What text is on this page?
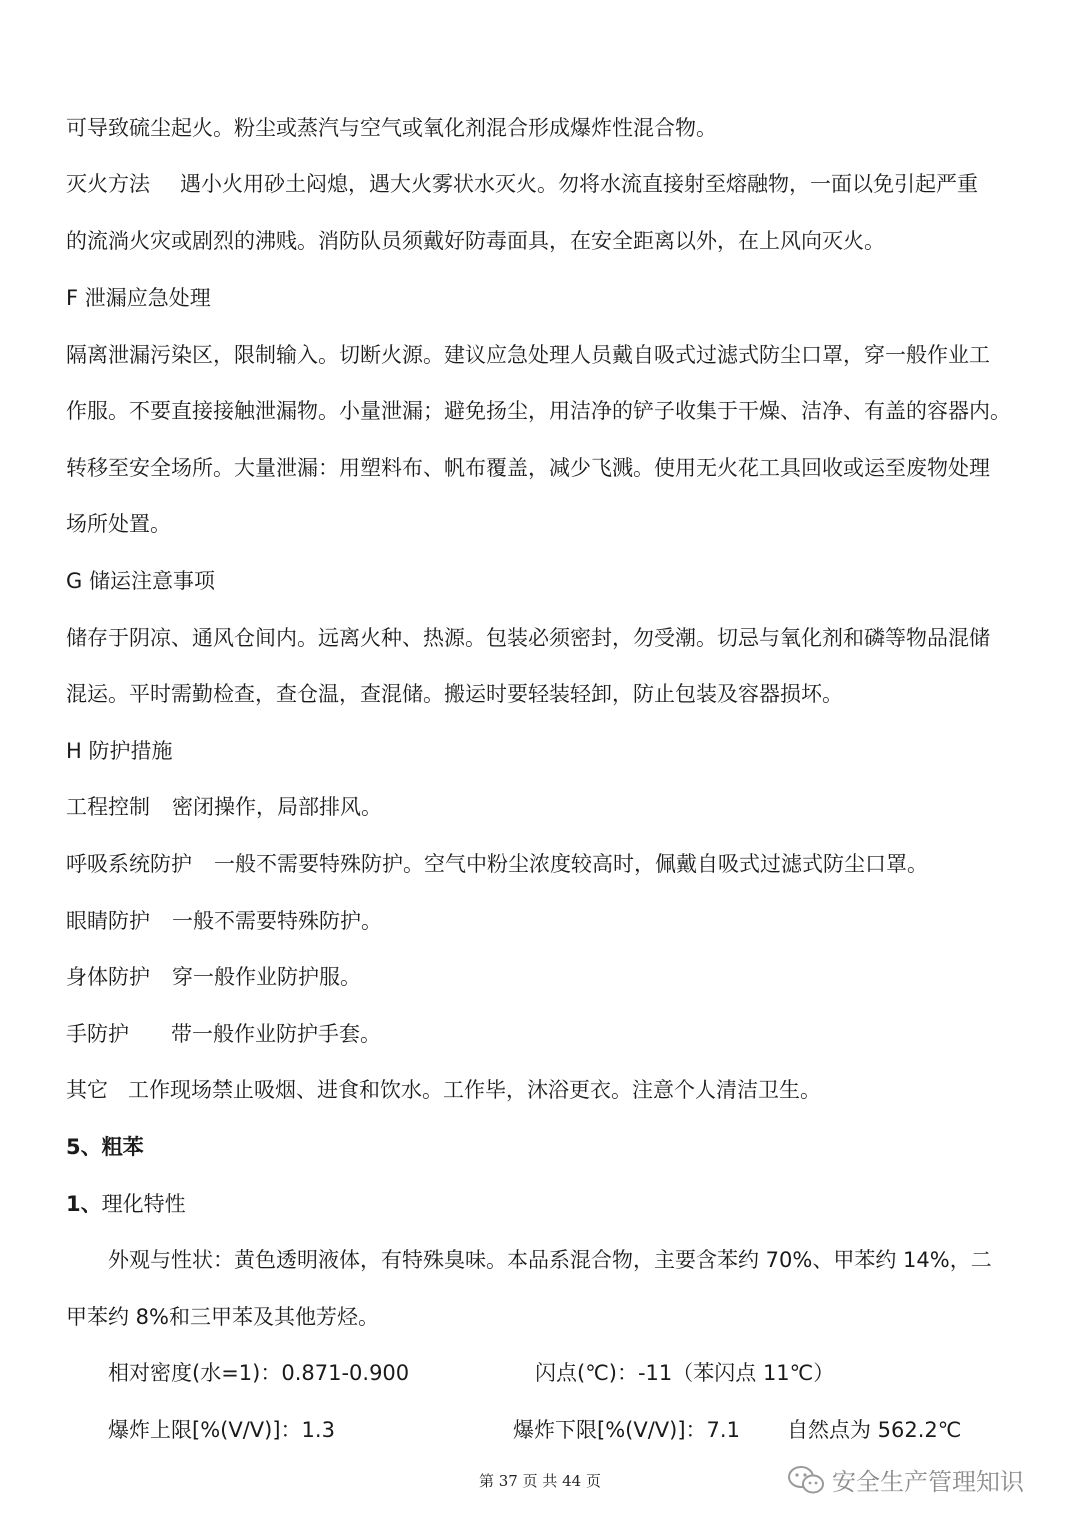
可导致硫尘起火。粉尘或蒸汽与空气或氧化剂混合形成爆炸性混合物。
灭火方法 遇小火用砂土闷熄，遇大火雾状水灭火。勿将水流直接射至熔融物，一面以免引起严重
的流淌火灾或剧烈的沸贱。消防队员须戴好防毒面具，在安全距离以外，在上风向灭火。
F 泄漏应急处理
隔离泄漏污染区，限制输入。切断火源。建议应急处理人员戴自吸式过滤式防尘口罩，穿一般作业工
作服。不要直接接触泄漏物。小量泄漏；避免扬尘，用洁净的铲子收集于干燥、洁净、有盖的容器内。
转移至安全场所。大量泄漏：用塑料布、帆布覆盖，减少飞溅。使用无火花工具回收或运至废物处理
场所处置。
G 储运注意事项
储存于阴凉、通风仓间内。远离火种、热源。包装必须密封，勿受潮。切忌与氧化剂和磷等物品混储
混运。平时需勤检查，查仓温，查混储。搬运时要轻装轻卸，防止包装及容器损坏。
H 防护措施
工程控制 密闭操作，局部排风。
呼吸系统防护 一般不需要特殊防护。空气中粉尘浓度较高时，佩戴自吸式过滤式防尘口罩。
眼睛防护 一般不需要特殊防护。
身体防护 穿一般作业防护服。
手防护 带一般作业防护手套。
其它 工作现场禁止吸烟、进食和饮水。工作毕，沐浴更衣。注意个人清洁卫生。
5、粗苯
1、理化特性
外观与性状：黄色透明液体，有特殊臭味。本品系混合物，主要含苯约 70%、甲苯约 14%，二
甲苯约 8%和三甲苯及其他芳烃。
相对密度(水=1)：0.871-0.900	闪点(℃)：-11（苯闪点 11℃）
爆炸上限[%(V/V)]：1.3	爆炸下限[%(V/V)]：7.1 自然点为 562.2℃
第 37 页 共 44 页	安全生产管理知识
